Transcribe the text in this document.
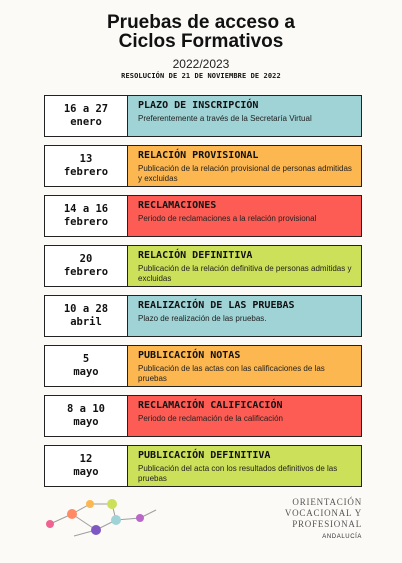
Pruebas de acceso a
Ciclos Formativos
2022/2023
RESOLUCIÓN DE 21 DE NOVIEMBRE DE 2022
16 a 27
enero
PLAZO DE INSCRIPCIÓN
Preferentemente a través de la Secretaría Virtual
13
febrero
RELACIÓN PROVISIONAL
Publicación de la relación provisional de personas admitidas y excluidas
14 a 16
febrero
RECLAMACIONES
Periodo de reclamaciones a la relación provisional
20
febrero
RELACIÓN DEFINITIVA
Publicación de la relación definitiva de personas admitidas y excluidas
10 a 28
abril
REALIZACIÓN DE LAS PRUEBAS
Plazo de realización de las pruebas.
5
mayo
PUBLICACIÓN NOTAS
Publicación de las actas con las calificaciones de las pruebas
8 a 10
mayo
RECLAMACIÓN CALIFICACIÓN
Periodo de reclamación de la calificación
12
mayo
PUBLICACIÓN DEFINITIVA
Publicación del acta con los resultados definitivos de las pruebas
ORIENTACIÓN
VOCACIONAL Y
PROFESIONAL
ANDALUCÍA
